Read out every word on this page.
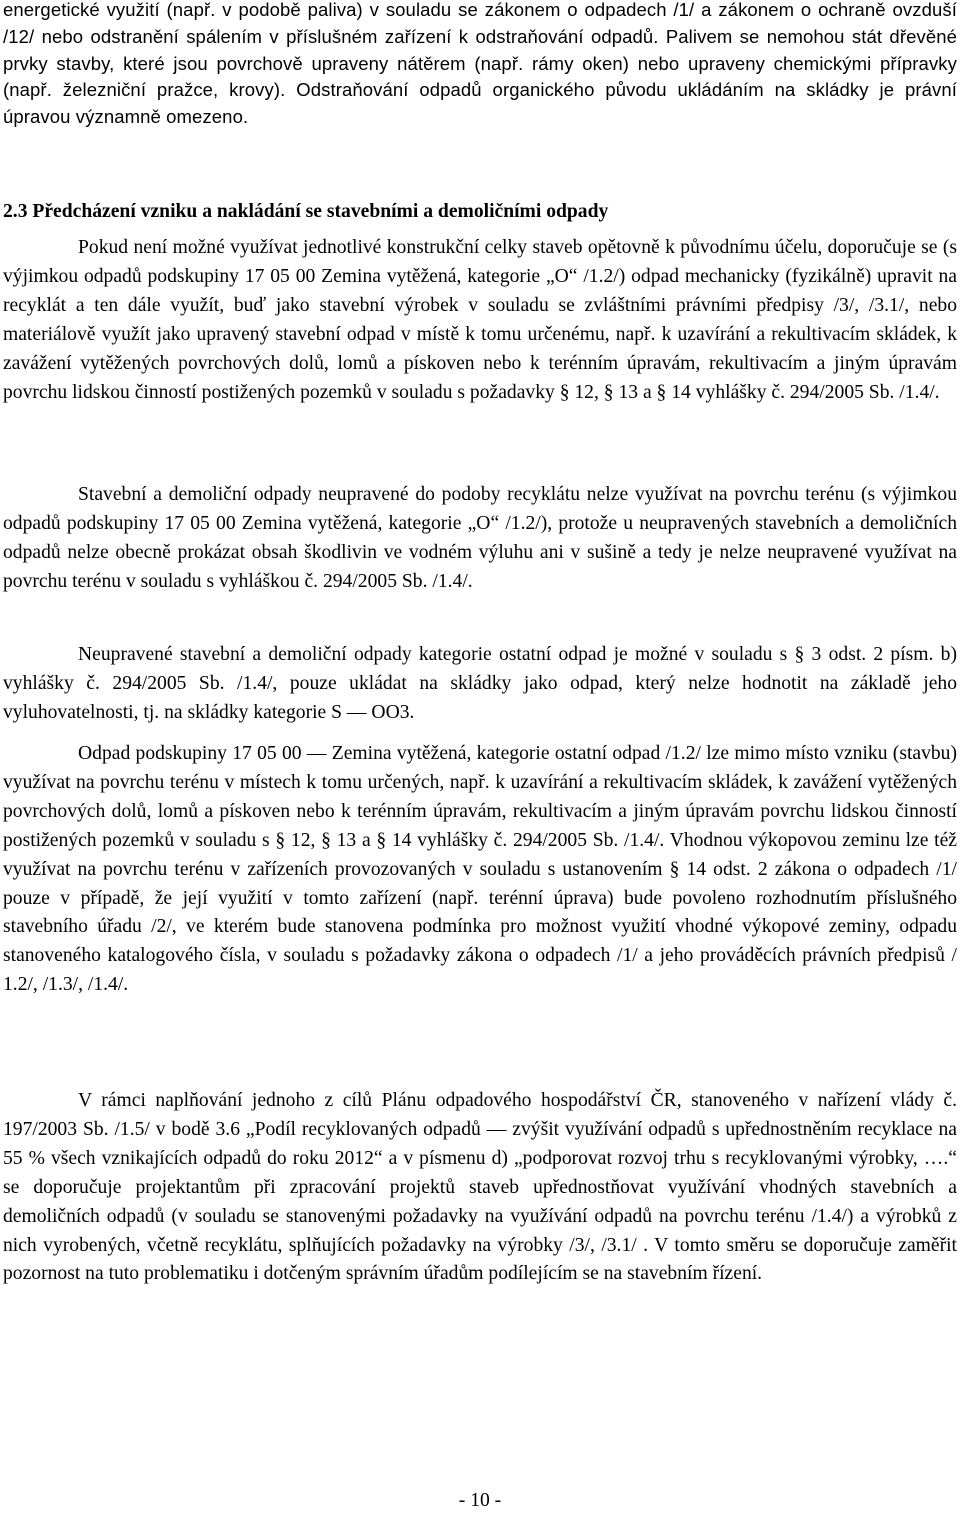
energetické využití (např. v podobě paliva) v souladu se zákonem o odpadech /1/ a zákonem o ochraně ovzduší /12/ nebo odstranění spálením v příslušném zařízení k odstraňování odpadů. Palivem se nemohou stát dřevěné prvky stavby, které jsou povrchově upraveny nátěrem (např. rámy oken) nebo upraveny chemickými přípravky (např. železniční pražce, krovy). Odstraňování odpadů organického původu ukládáním na skládky je právní úpravou významně omezeno.

2.3 Předcházení vzniku a nakládání se stavebními a demoličními odpady

Pokud není možné využívat jednotlivé konstrukční celky staveb opětovně k původnímu účelu, doporučuje se (s výjimkou odpadů podskupiny 17 05 00 Zemina vytěžená, kategorie „O“ /1.2/) odpad mechanicky (fyzikálně) upravit na recyklát a ten dále využít, buď jako stavební výrobek v souladu se zvláštními právními předpisy /3/, /3.1/, nebo materiálově využít jako upravený stavební odpad v místě k tomu určenému, např. k uzavírání a rekultivacím skládek, k zavážení vytěžených povrchových dolů, lomů a pískoven nebo k terénním úpravám, rekultivacím a jiným úpravám povrchu lidskou činností postižených pozemků v souladu s požadavky § 12, § 13 a § 14 vyhlášky č. 294/2005 Sb. /1.4/.

Stavební a demoliční odpady neupravené do podoby recyklátu nelze využívat na povrchu terénu (s výjimkou odpadů podskupiny 17 05 00 Zemina vytěžená, kategorie „O“ /1.2/), protože u neupravených stavebních a demoličních odpadů nelze obecně prokázat obsah škodlivin ve vodném výluhu ani v sušině a tedy je nelze neupravené využívat na povrchu terénu v souladu s vyhláškou č. 294/2005 Sb. /1.4/.

Neupravené stavební a demoliční odpady kategorie ostatní odpad je možné v souladu s § 3 odst. 2 písm. b) vyhlášky č. 294/2005 Sb. /1.4/, pouze ukládat na skládky jako odpad, který nelze hodnotit na základě jeho vyluhovatelnosti, tj. na skládky kategorie S — OO3.

Odpad podskupiny 17 05 00 — Zemina vytěžená, kategorie ostatní odpad /1.2/ lze mimo místo vzniku (stavbu) využívat na povrchu terénu v místech k tomu určených, např. k uzavírání a rekultivacím skládek, k zavážení vytěžených povrchových dolů, lomů a pískoven nebo k terénním úpravám, rekultivacím a jiným úpravám povrchu lidskou činností postižených pozemků v souladu s § 12, § 13 a § 14 vyhlášky č. 294/2005 Sb. /1.4/. Vhodnou výkopovou zeminu lze též využívat na povrchu terénu v zařízeních provozovaných v souladu s ustanovením § 14 odst. 2 zákona o odpadech /1/ pouze v případě, že její využití v tomto zařízení (např. terénní úprava) bude povoleno rozhodnutím příslušného stavebního úřadu /2/, ve kterém bude stanovena podmínka pro možnost využití vhodné výkopové zeminy, odpadu stanoveného katalogového čísla, v souladu s požadavky zákona o odpadech /1/ a jeho prováděcích právních předpisů / 1.2/, /1.3/, /1.4/.

V rámci naplňování jednoho z cílů Plánu odpadového hospodářství ČR, stanoveného v nařízení vlády č. 197/2003 Sb. /1.5/ v bodě 3.6 „Podíl recyklovaných odpadů — zvýšit využívání odpadů s upřednostněním recyklace na 55 % všech vznikajících odpadů do roku 2012“ a v písmenu d) „podporovat rozvoj trhu s recyklovanými výrobky, ….“ se doporučuje projektantům při zpracování projektů staveb upřednostňovat využívání vhodných stavebních a demoličních odpadů (v souladu se stanovenými požadavky na využívání odpadů na povrchu terénu /1.4/) a výrobků z nich vyrobených, včetně recyklátu, splňujících požadavky na výrobky /3/, /3.1/ . V tomto směru se doporučuje zaměřit pozornost na tuto problematiku i dotčeným správním úřadům podílejícím se na stavebním řízení.

- 10 -
